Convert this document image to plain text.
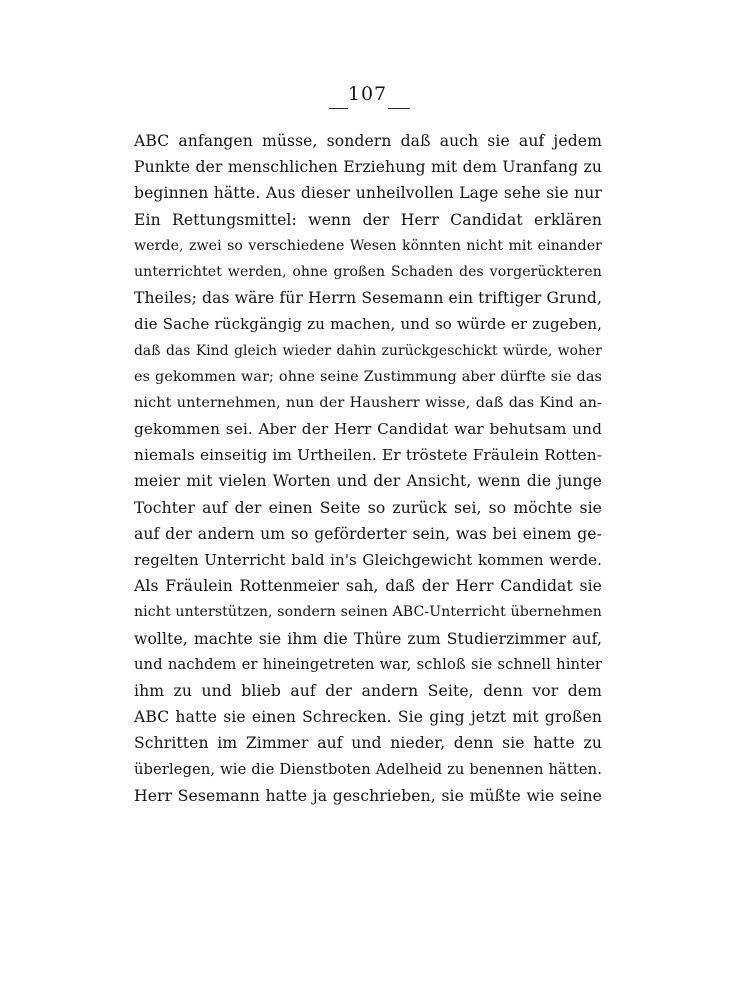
107
ABC anfangen müsse, sondern daß auch sie auf jedem
Punkte der menschlichen Erziehung mit dem Uranfang zu
beginnen hätte. Aus dieser unheilvollen Lage sehe sie nur
Ein Rettungsmittel: wenn der Herr Candidat erklären
werde, zwei so verschiedene Wesen könnten nicht mit einander
unterrichtet werden, ohne großen Schaden des vorgerückteren
Theiles; das wäre für Herrn Sesemann ein triftiger Grund,
die Sache rückgängig zu machen, und so würde er zugeben,
daß das Kind gleich wieder dahin zurückgeschickt würde, woher
es gekommen war; ohne seine Zustimmung aber dürfte sie das
nicht unternehmen, nun der Hausherr wisse, daß das Kind an-
gekommen sei. Aber der Herr Candidat war behutsam und
niemals einseitig im Urtheilen. Er tröstete Fräulein Rotten-
meier mit vielen Worten und der Ansicht, wenn die junge
Tochter auf der einen Seite so zurück sei, so möchte sie
auf der andern um so geförderter sein, was bei einem ge-
regelten Unterricht bald in's Gleichgewicht kommen werde.
Als Fräulein Rottenmeier sah, daß der Herr Candidat sie
nicht unterstützen, sondern seinen ABC-Unterricht übernehmen
wollte, machte sie ihm die Thüre zum Studierzimmer auf,
und nachdem er hineingetreten war, schloß sie schnell hinter
ihm zu und blieb auf der andern Seite, denn vor dem
ABC hatte sie einen Schrecken. Sie ging jetzt mit großen
Schritten im Zimmer auf und nieder, denn sie hatte zu
überlegen, wie die Dienstboten Adelheid zu benennen hätten.
Herr Sesemann hatte ja geschrieben, sie müßte wie seine
